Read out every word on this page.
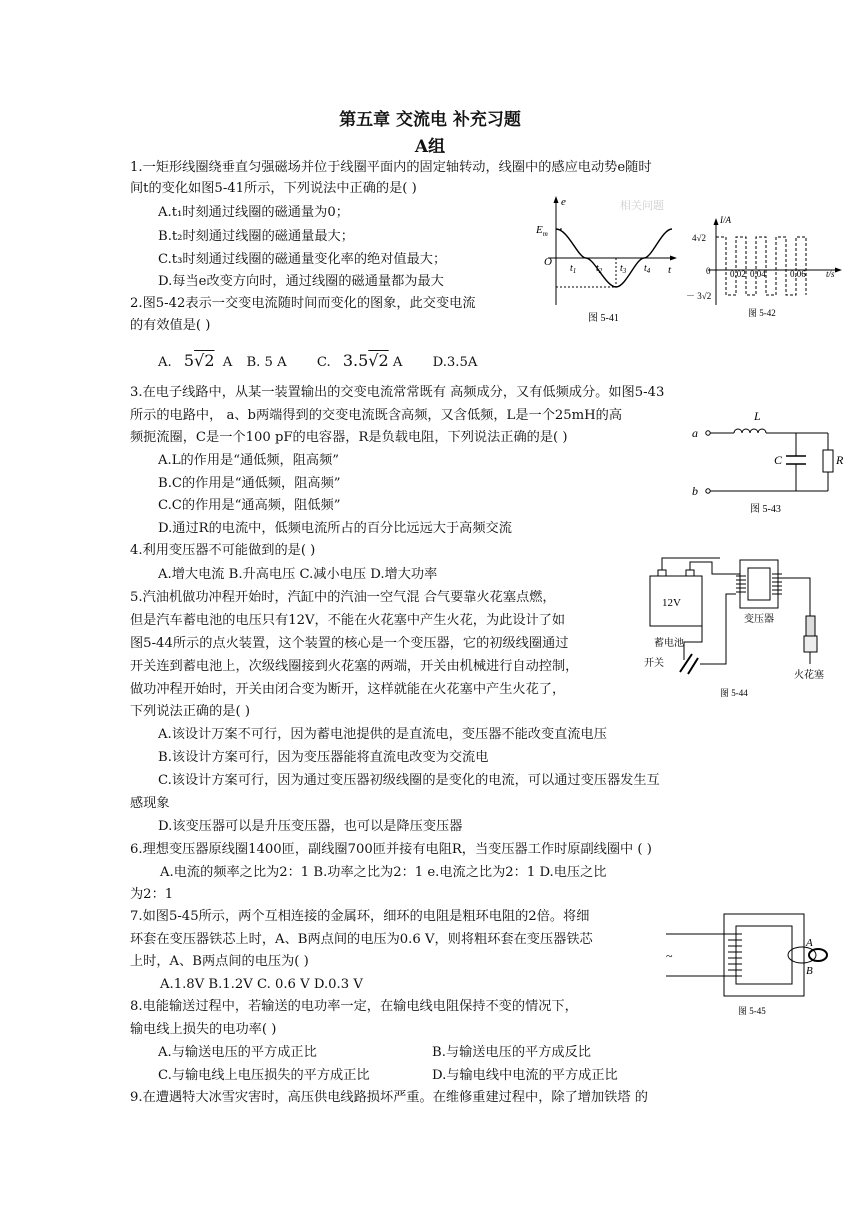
第五章 交流电 补充习题
A组
1.一矩形线圈绕垂直匀强磁场并位于线圈平面内的固定轴转动，线圈中的感应电动势e随时
间t的变化如图5-41所示，下列说法中正确的是( )
A.t₁时刻通过线圈的磁通量为0；
B.t₂时刻通过线圈的磁通量最大；
C.t₃时刻通过线圈的磁通量变化率的绝对值最大；
D.每当e改变方向时，通过线圈的磁通量都为最大
2.图5-42表示一交变电流随时间而变化的图象，此交变电流
的有效值是( )
A. 5√2 A B. 5 A C. 3.5√2 A D.3.5A
3.在电子线路中，从某一装置输出的交变电流常常既有 高频成分，又有低频成分。如图5-43
所示的电路中， a、b两端得到的交变电流既含高频，又含低频，L是一个25mH的高
频扼流圈，C是一个100 pF的电容器，R是负载电阻，下列说法正确的是( )
A.L的作用是“通低频，阻高频”
B.C的作用是“通低频，阻高频”
C.C的作用是“通高频，阻低频”
D.通过R的电流中，低频电流所占的百分比远远大于高频交流
4.利用变压器不可能做到的是( )
A.增大电流 B.升高电压 C.减小电压 D.增大功率
5.汽油机做功冲程开始时，汽缸中的汽油一空气混 合气要靠火花塞点燃，
但是汽车蓄电池的电压只有12V，不能在火花塞中产生火花，为此设计了如
图5-44所示的点火装置，这个装置的核心是一个变压器，它的初级线圈通过
开关连到蓄电池上，次级线圈接到火花塞的两端，开关由机械进行自动控制，
做功冲程开始时，开关由闭合变为断开，这样就能在火花塞中产生火花了，
下列说法正确的是( )
A.该设计万案不可行，因为蓄电池提供的是直流电，变压器不能改变直流电压
B.该设计方案可行，因为变压器能将直流电改变为交流电
C.该设计方案可行，因为通过变压器初级线圈的是变化的电流，可以通过变压器发生互
感现象
D.该变压器可以是升压变压器，也可以是降压变压器
6.理想变压器原线圈1400匝，副线圈700匝并接有电阻R，当变压器工作时原副线圈中 ( )
A.电流的频率之比为2：1 B.功率之比为2：1 e.电流之比为2：1 D.电压之比
为2：1
7.如图5-45所示，两个互相连接的金属环，细环的电阻是粗环电阻的2倍。将细
环套在变压器铁芯上时，A、B两点间的电压为0.6 V，则将粗环套在变压器铁芯
上时，A、B两点间的电压为( )
A.1.8V B.1.2V C. 0.6 V D.0.3 V
8.电能输送过程中，若输送的电功率一定，在输电线电阻保持不变的情况下，
输电线上损失的电功率( )
A.与输送电压的平方成正比	B.与输送电压的平方成反比
C.与输电线上电压损失的平方成正比	D.与输电线中电流的平方成正比
9.在遭遇特大冰雪灾害时，高压供电线路损坏严重。在维修重建过程中，除了增加铁塔 的
相关问题
e
$E_m$
O
t
$t_1$ $t_2$ $t_3$ $t_4$
图 5-41
I/A
4√2
0
－ 3√2
0.02 0.04	0.06 t/s
图 5-42
a
b
L
C	R
图 5-43
12V
蓄电池
变压器
火花塞
开关
图 5-44
~
A
B
图 5-45
